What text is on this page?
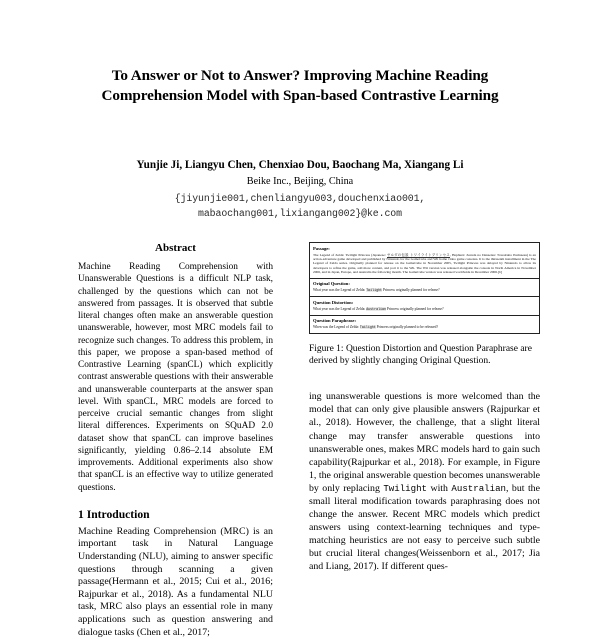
To Answer or Not to Answer? Improving Machine Reading
Comprehension Model with Span-based Contrastive Learning

Yunjie Ji, Liangyu Chen, Chenxiao Dou, Baochang Ma, Xiangang Li

Beike Inc., Beijing, China

{jiyunjie001,chenliangyu003,douchenxiao001,
mabaochang001,lixiangang002}@ke.com

Abstract

Machine Reading Comprehension with Unanswerable Questions is a difficult NLP task, challenged by the questions which can not be answered from passages. It is observed that subtle literal changes often make an answerable question unanswerable, however, most MRC models fail to recognize such changes. To address this problem, in this paper, we propose a span-based method of Contrastive Learning (spanCL) which explicitly contrast answerable questions with their answerable and unanswerable counterparts at the answer span level. With spanCL, MRC models are forced to perceive crucial semantic changes from slight literal differences. Experiments on SQuAD 2.0 dataset show that spanCL can improve baselines significantly, yielding 0.86–2.14 absolute EM improvements. Additional experiments also show that spanCL is an effective way to utilize generated questions.

1 Introduction

Machine Reading Comprehension (MRC) is an important task in Natural Language Understanding (NLU), aiming to answer specific questions through scanning a given passage(Hermann et al., 2015; Cui et al., 2016; Rajpurkar et al., 2018). As a fundamental NLU task, MRC also plays an essential role in many applications such as question answering and dialogue tasks (Chen et al., 2017;

Passage:

The Legend of Zelda: Twilight Princess (Japanese: ゼルダの伝説 トワイライトプリンセス, Hepburn: Zeruda no Densetsu: Towairaito Purinsesu) is an action-adventure game developed and published by Nintendo for the GameCube and Wii home video game consoles. It is the thirteenth installment in the The Legend of Zelda series. Originally planned for release on the GameCube in November 2005, Twilight Princess was delayed by Nintendo to allow its developers to refine the game, add more content, and port it to the Wii. The Wii version was released alongside the console in North America in November 2006, and in Japan, Europe, and Australia the following month. The GameCube version was released worldwide in December 2006.[b]

Original Question:

What year was the Legend of Zelda: Twilight Princess originally planned for release?

Question Distortion:

What year was the Legend of Zelda: Australian Princess originally planned for release?

Question Paraphrase:

When was the Legend of Zelda: Twilight Princess originally planned to be released?

Figure 1: Question Distortion and Question Paraphrase are derived by slightly changing Original Question.

ing unanswerable questions is more welcomed than the model that can only give plausible answers (Rajpurkar et al., 2018). However, the challenge, that a slight literal change may transfer answerable questions into unanswerable ones, makes MRC models hard to gain such capability(Rajpurkar et al., 2018). For example, in Figure 1, the original answerable question becomes unanswerable by only replacing Twilight with Australian, but the small literal modification towards paraphrasing does not change the answer. Recent MRC models which predict answers using context-learning techniques and type-matching heuristics are not easy to perceive such subtle but crucial literal changes(Weissenborn et al., 2017; Jia and Liang, 2017). If different ques-
